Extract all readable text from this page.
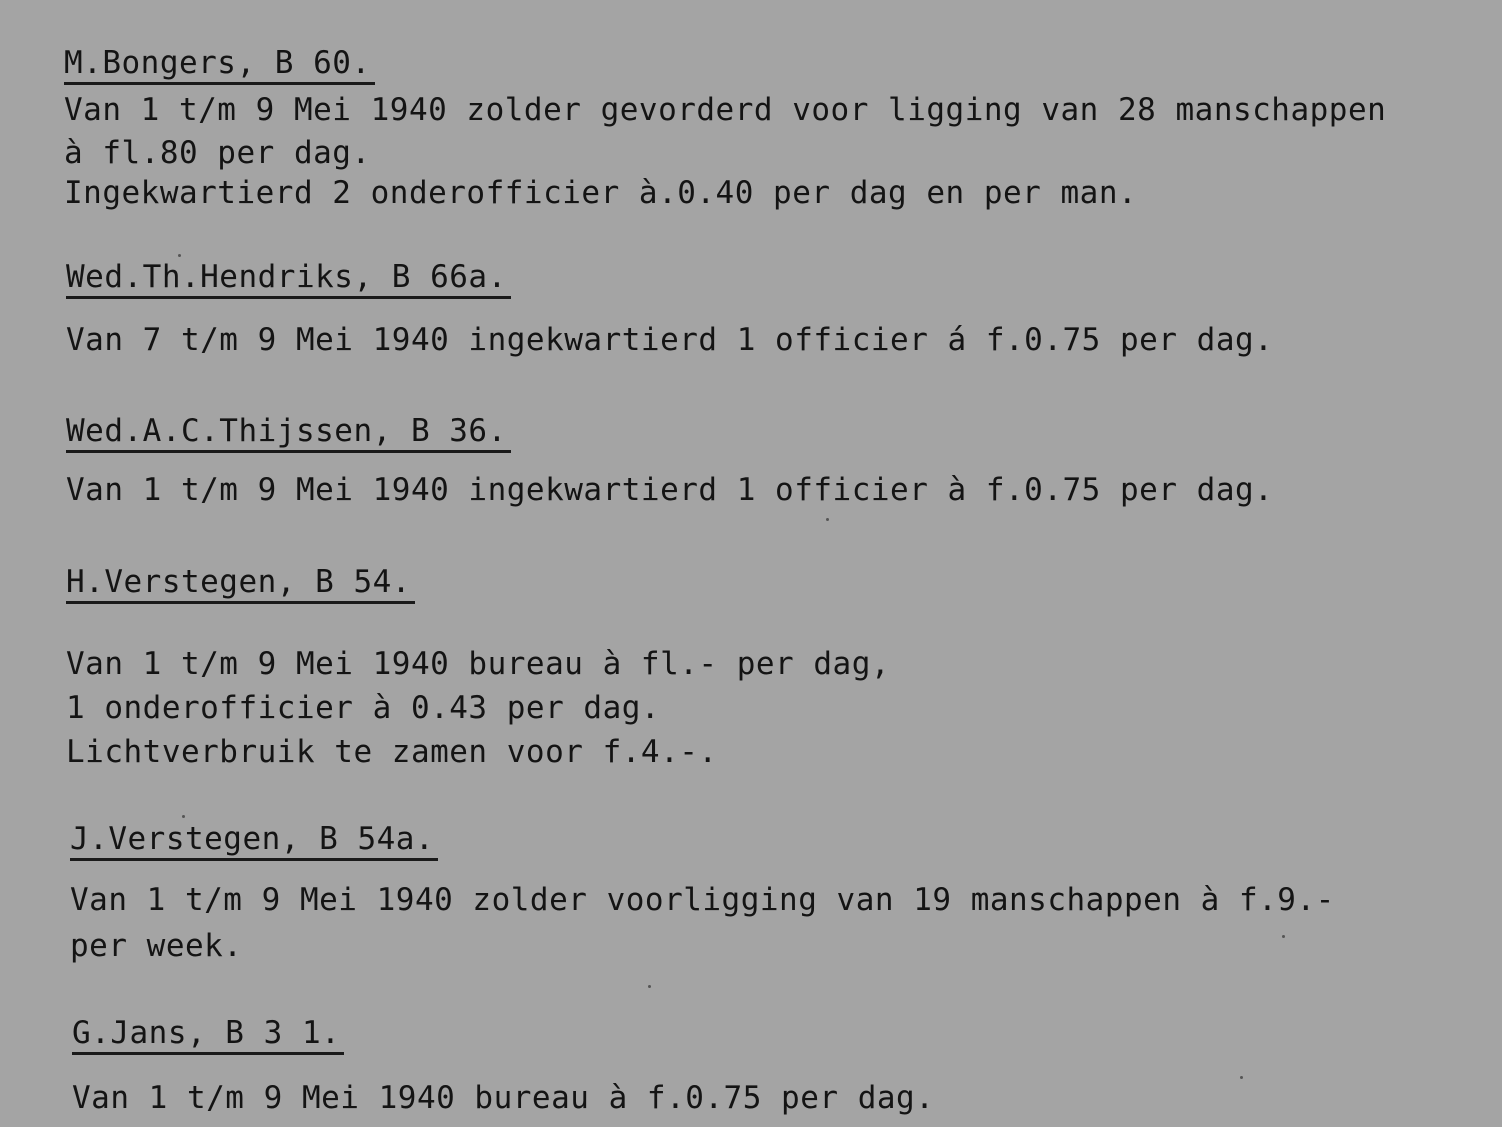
M.Bongers, B 60.
Van 1 t/m 9 Mei 1940 zolder gevorderd voor ligging van 28 manschappen
à fl.80 per dag.
Ingekwartierd 2 onderofficier à.0.40 per dag en per man.
Wed.Th.Hendriks, B 66a.
Van 7 t/m 9 Mei 1940 ingekwartierd 1 officier á f.0.75 per dag.
Wed.A.C.Thijssen, B 36.
Van 1 t/m 9 Mei 1940 ingekwartierd 1 officier à f.0.75 per dag.
H.Verstegen, B 54.
Van 1 t/m 9 Mei 1940 bureau à fl.- per dag,
1 onderofficier à 0.43 per dag.
Lichtverbruik te zamen voor f.4.-.
J.Verstegen, B 54a.
Van 1 t/m 9 Mei 1940 zolder voorligging van 19 manschappen à f.9.-
per week.
G.Jans, B 3 1.
Van 1 t/m 9 Mei 1940 bureau à f.0.75 per dag.
